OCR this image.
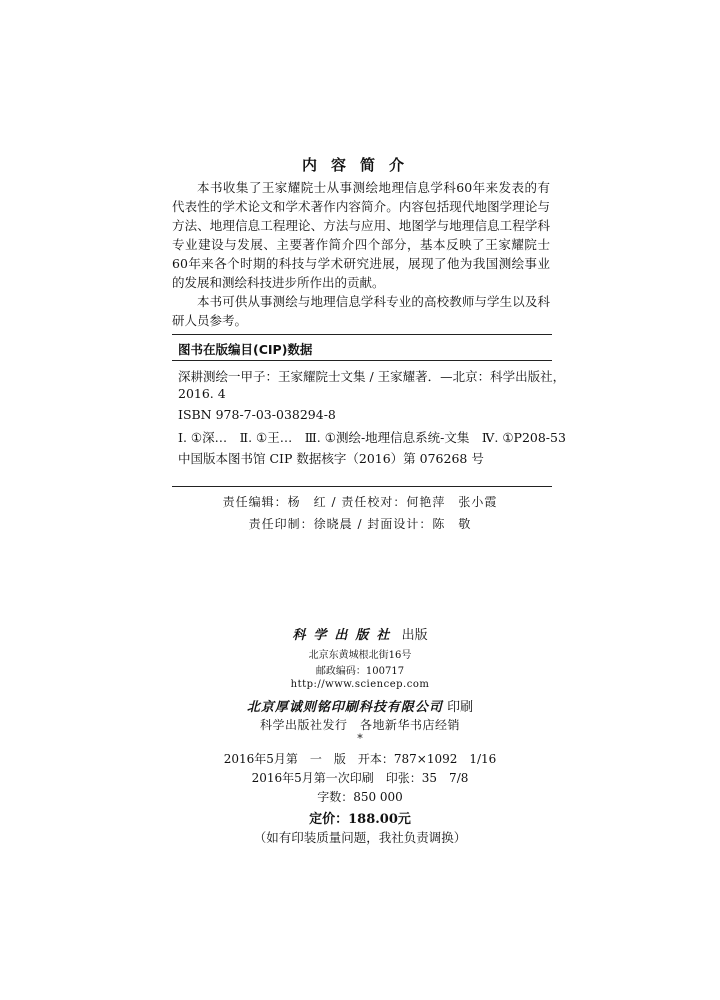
内容简介

本书收集了王家耀院士从事测绘地理信息学科60年来发表的有代表性的学术论文和学术著作内容简介。内容包括现代地图学理论与方法、地理信息工程理论、方法与应用、地图学与地理信息工程学科专业建设与发展、主要著作简介四个部分，基本反映了王家耀院士60年来各个时期的科技与学术研究进展，展现了他为我国测绘事业的发展和测绘科技进步所作出的贡献。

本书可供从事测绘与地理信息学科专业的高校教师与学生以及科研人员参考。

图书在版编目(CIP)数据
深耕测绘一甲子：王家耀院士文集 / 王家耀著．—北京：科学出版社，
2016. 4
ISBN 978-7-03-038294-8
Ⅰ. ①深…　Ⅱ. ①王…　Ⅲ. ①测绘-地理信息系统-文集　Ⅳ. ①P208-53
中国版本图书馆 CIP 数据核字（2016）第 076268 号
责任编辑：杨　红 / 责任校对：何艳萍　张小霞
责任印制：徐晓晨 / 封面设计：陈　敬
科学出版社 出版
北京东黄城根北街16号
邮政编码：100717
http://www.sciencep.com
北京厚诚则铭印刷科技有限公司 印刷
科学出版社发行　各地新华书店经销
*
2016年5月第　一　版　开本：787×1092　1/16
2016年5月第一次印刷　印张：35　7/8
字数：850 000
定价：188.00元
（如有印装质量问题，我社负责调换）
